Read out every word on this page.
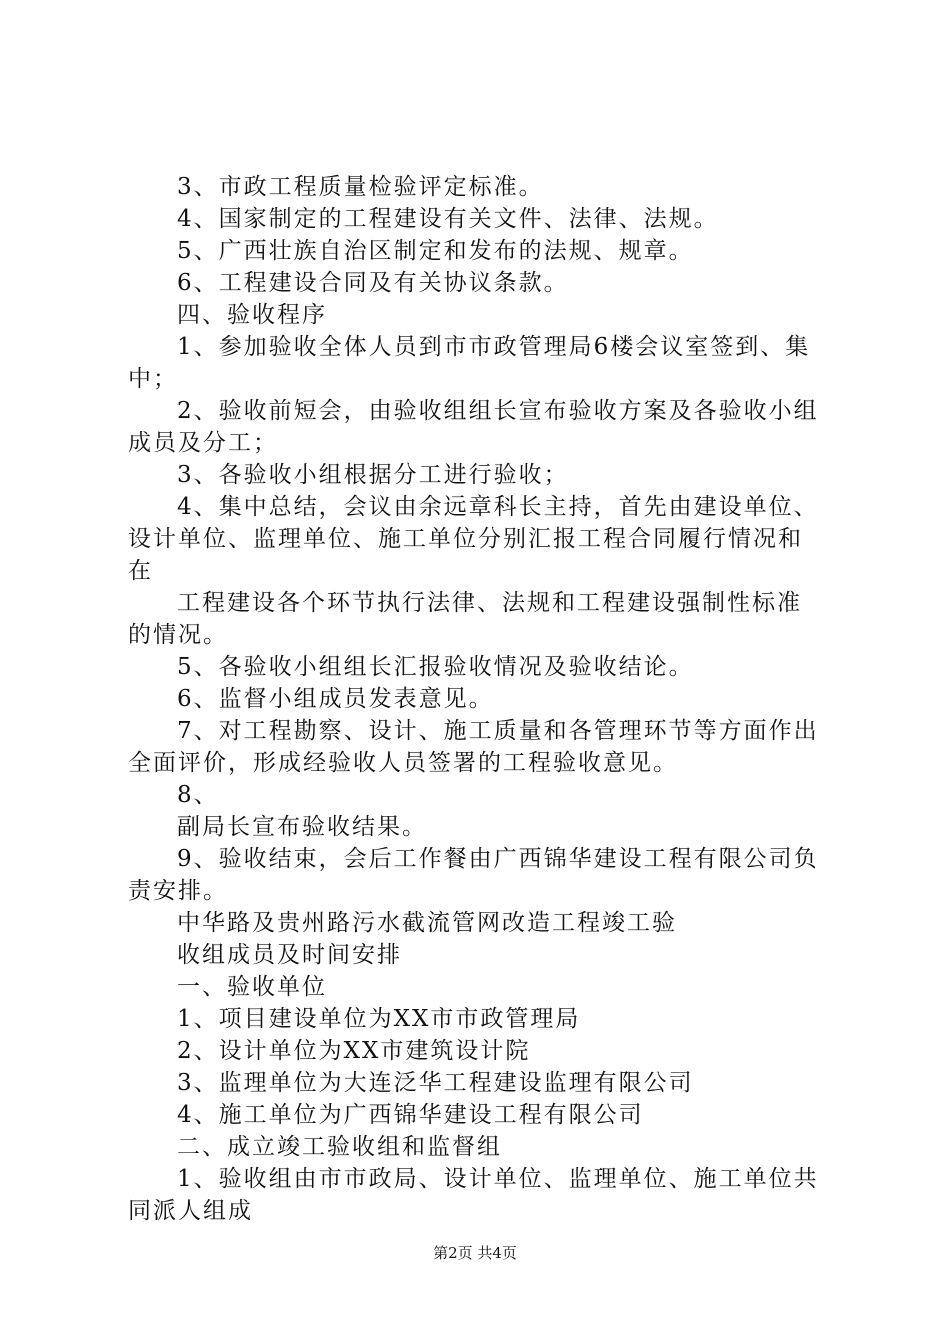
3、市政工程质量检验评定标准。
4、国家制定的工程建设有关文件、法律、法规。
5、广西壮族自治区制定和发布的法规、规章。
6、工程建设合同及有关协议条款。
四、验收程序
1、参加验收全体人员到市市政管理局6楼会议室签到、集
中；
2、验收前短会，由验收组组长宣布验收方案及各验收小组
成员及分工；
3、各验收小组根据分工进行验收；
4、集中总结，会议由余远章科长主持，首先由建设单位、
设计单位、监理单位、施工单位分别汇报工程合同履行情况和
在
工程建设各个环节执行法律、法规和工程建设强制性标准
的情况。
5、各验收小组组长汇报验收情况及验收结论。
6、监督小组成员发表意见。
7、对工程勘察、设计、施工质量和各管理环节等方面作出
全面评价，形成经验收人员签署的工程验收意见。
8、
副局长宣布验收结果。
9、验收结束，会后工作餐由广西锦华建设工程有限公司负
责安排。
中华路及贵州路污水截流管网改造工程竣工验
收组成员及时间安排
一、验收单位
1、项目建设单位为XX市市政管理局
2、设计单位为XX市建筑设计院
3、监理单位为大连泛华工程建设监理有限公司
4、施工单位为广西锦华建设工程有限公司
二、成立竣工验收组和监督组
1、验收组由市市政局、设计单位、监理单位、施工单位共
同派人组成
第2页 共4页
